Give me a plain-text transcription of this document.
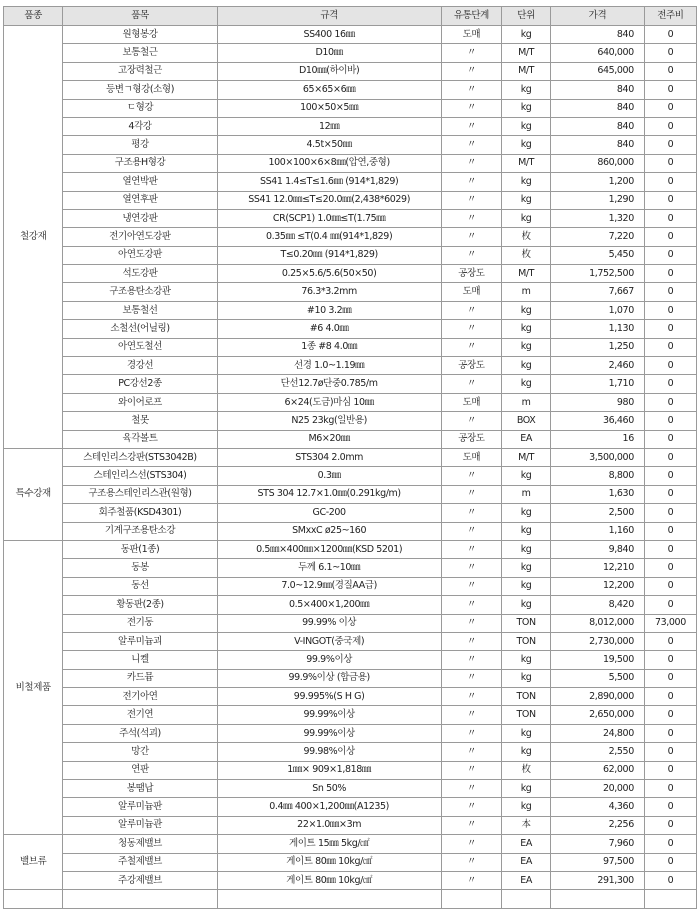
품종	품목	규격	유통단계	단위	가격	전주비
철강재	원형봉강	SS400 16㎜	도매	kg	840	0
	보통철근	D10㎜	〃	M/T	640,000	0
	고장력철근	D10㎜(하이바)	〃	M/T	645,000	0
	등변ㄱ형강(소형)	65×65×6㎜	〃	kg	840	0
	ㄷ형강	100×50×5㎜	〃	kg	840	0
	4각강	12㎜	〃	kg	840	0
	평강	4.5t×50㎜	〃	kg	840	0
	구조용H형강	100×100×6×8㎜(압연,중형)	〃	M/T	860,000	0
	열연박판	SS41 1.4≤T≤1.6㎜ (914*1,829)	〃	kg	1,200	0
	열연후판	SS41 12.0㎜≤T≤20.0㎜(2,438*6029)	〃	kg	1,290	0
	냉연강판	CR(SCP1) 1.0㎜≤T(1.75㎜	〃	kg	1,320	0
	전기아연도강판	0.35㎜ ≤T(0.4 ㎜(914*1,829)	〃	枚	7,220	0
	아연도강판	T≤0.20㎜ (914*1,829)	〃	枚	5,450	0
	석도강판	0.25×5.6/5.6(50×50)	공장도	M/T	1,752,500	0
	구조용탄소강관	76.3*3.2mm	도매	m	7,667	0
	보통철선	#10 3.2㎜	〃	kg	1,070	0
	소철선(어닐링)	#6 4.0㎜	〃	kg	1,130	0
	아연도철선	1종 #8 4.0㎜	〃	kg	1,250	0
	경강선	선경 1.0~1.19㎜	공장도	kg	2,460	0
	PC강선2종	단선12.7ø단중0.785/m	〃	kg	1,710	0
	와이어로프	6×24(도금)마심 10㎜	도매	m	980	0
	철못	N25 23kg(일반용)	〃	BOX	36,460	0
	육각볼트	M6×20㎜	공장도	EA	16	0
특수강재	스테인리스강판(STS3042B)	STS304 2.0mm	도매	M/T	3,500,000	0
	스테인리스선(STS304)	0.3㎜	〃	kg	8,800	0
	구조용스테인리스관(원형)	STS 304 12.7×1.0㎜(0.291kg/m)	〃	m	1,630	0
	회주철품(KSD4301)	GC-200	〃	kg	2,500	0
	기계구조용탄소강	SMxxC ø25~160	〃	kg	1,160	0
비철제품	동판(1종)	0.5㎜×400㎜×1200㎜(KSD 5201)	〃	kg	9,840	0
	동봉	두께 6.1~10㎜	〃	kg	12,210	0
	동선	7.0~12.9㎜(경질AA급)	〃	kg	12,200	0
	황동판(2종)	0.5×400×1,200㎜	〃	kg	8,420	0
	전기동	99.99% 이상	〃	TON	8,012,000	73,000
	알루미늄괴	V-INGOT(중국제)	〃	TON	2,730,000	0
	니켈	99.9%이상	〃	kg	19,500	0
	카드뮴	99.9%이상 (합금용)	〃	kg	5,500	0
	전기아연	99.995%(S H G)	〃	TON	2,890,000	0
	전기연	99.99%이상	〃	TON	2,650,000	0
	주석(석괴)	99.99%이상	〃	kg	24,800	0
	망간	99.98%이상	〃	kg	2,550	0
	연판	1㎜× 909×1,818㎜	〃	枚	62,000	0
	봉땜납	Sn 50%	〃	kg	20,000	0
	알루미늄판	0.4㎜ 400×1,200㎜(A1235)	〃	kg	4,360	0
	알루미늄관	22×1.0㎜×3m	〃	本	2,256	0
밸브류	청동제밸브	게이트 15㎜ 5kg/㎠	〃	EA	7,960	0
	주철제밸브	게이트 80㎜ 10kg/㎠	〃	EA	97,500	0
	주강제밸브	게이트 80㎜ 10kg/㎠	〃	EA	291,300	0
